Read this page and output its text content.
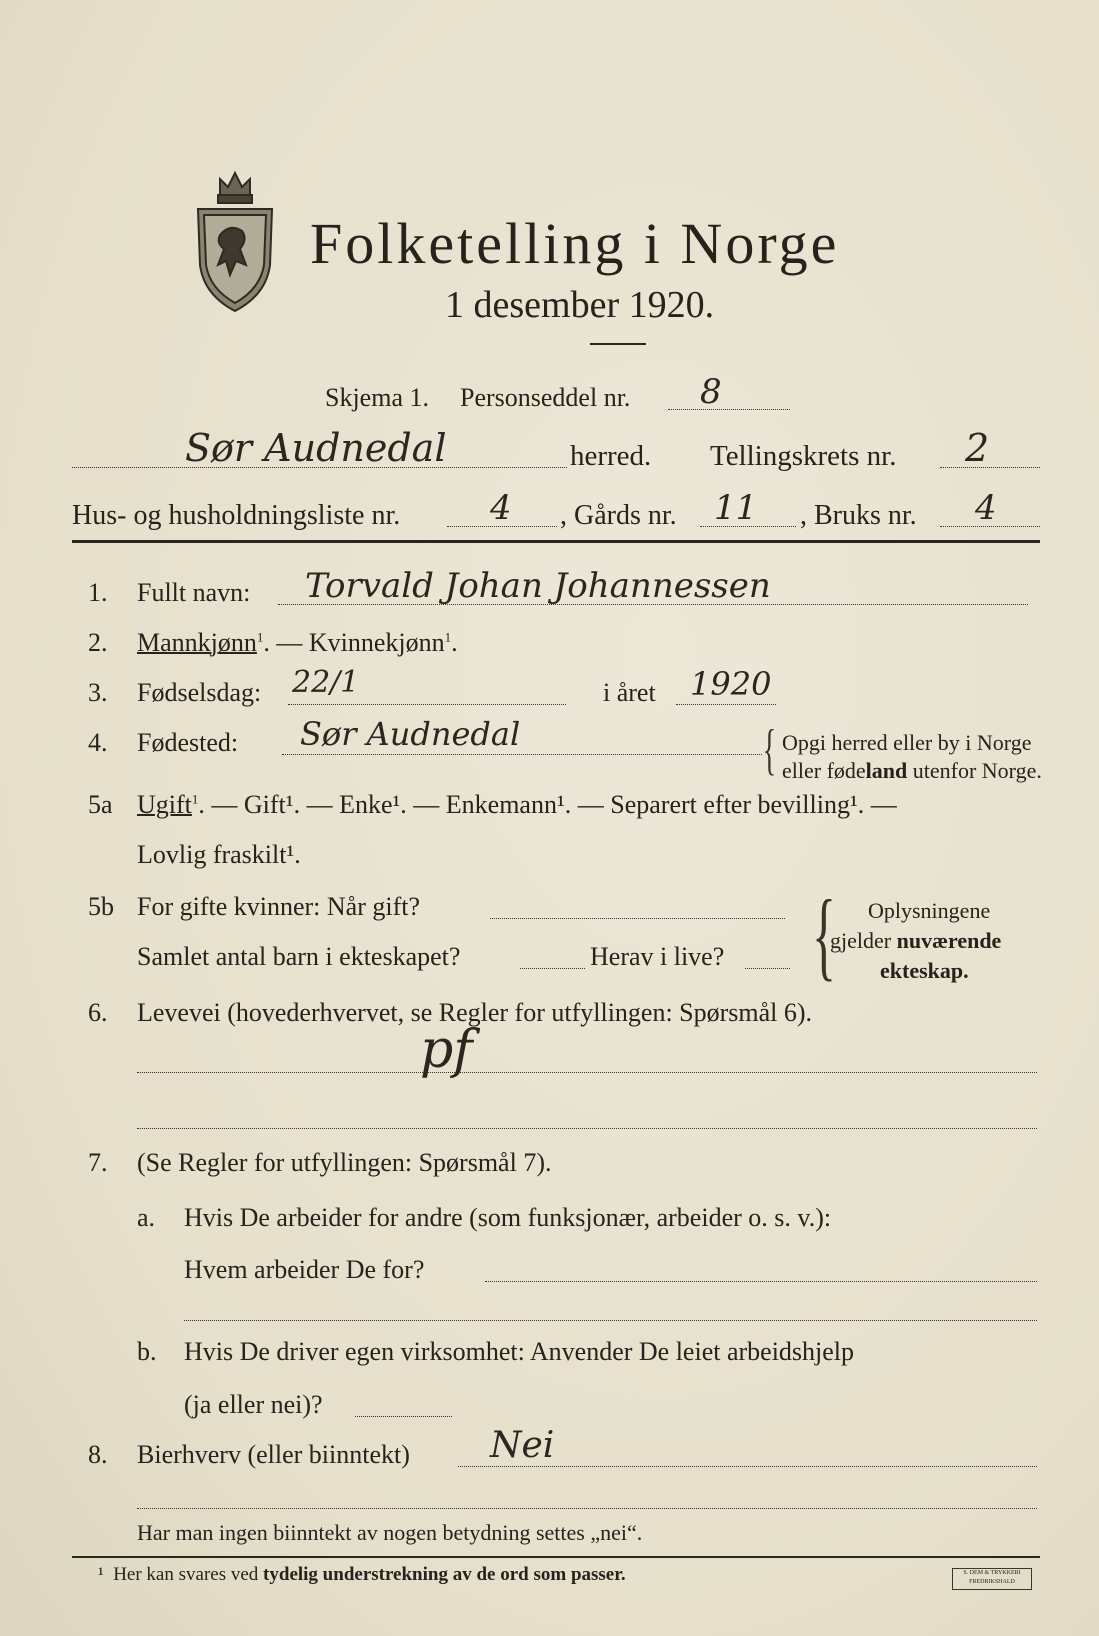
Folketelling i Norge
1 desember 1920.
Skjema 1. Personseddel nr. 8
Sør Audnedal	herred. Tellingskrets nr. 2
Hus- og husholdningsliste nr.	4 , Gårds nr. 11 , Bruks nr. 4
1. Fullt navn: Torvald Johan Johannessen
2. Mannkjønn$^1$. — Kvinnekjønn$^1$.
3. Fødselsdag: 22/1	i året 1920
4. Fødested: Sør Audnedal	{ Opgi herred eller by i Norge
eller fødeland utenfor Norge.
5a Ugift$^1$. — Gift¹. — Enke¹. — Enkemann¹. — Separert efter bevilling¹. —
Lovlig fraskilt¹.
5b For gifte kvinner: Når gift?
Samlet antal barn i ekteskapet?	Herav i live? { Oplysningene
gjelder nuværende
ekteskap.
6. Levevei (hovederhvervet, se Regler for utfyllingen: Spørsmål 6).
pf
7. (Se Regler for utfyllingen: Spørsmål 7).
a. Hvis De arbeider for andre (som funksjonær, arbeider o. s. v.):
Hvem arbeider De for?
b. Hvis De driver egen virksomhet: Anvender De leiet arbeidshjelp
(ja eller nei)?
8. Bierhverv (eller biinntekt) Nei
Har man ingen biinntekt av nogen betydning settes „nei“.
¹ Her kan svares ved tydelig understrekning av de ord som passer.	S. DEM & TRYKKERI FREDRIKSHALD
